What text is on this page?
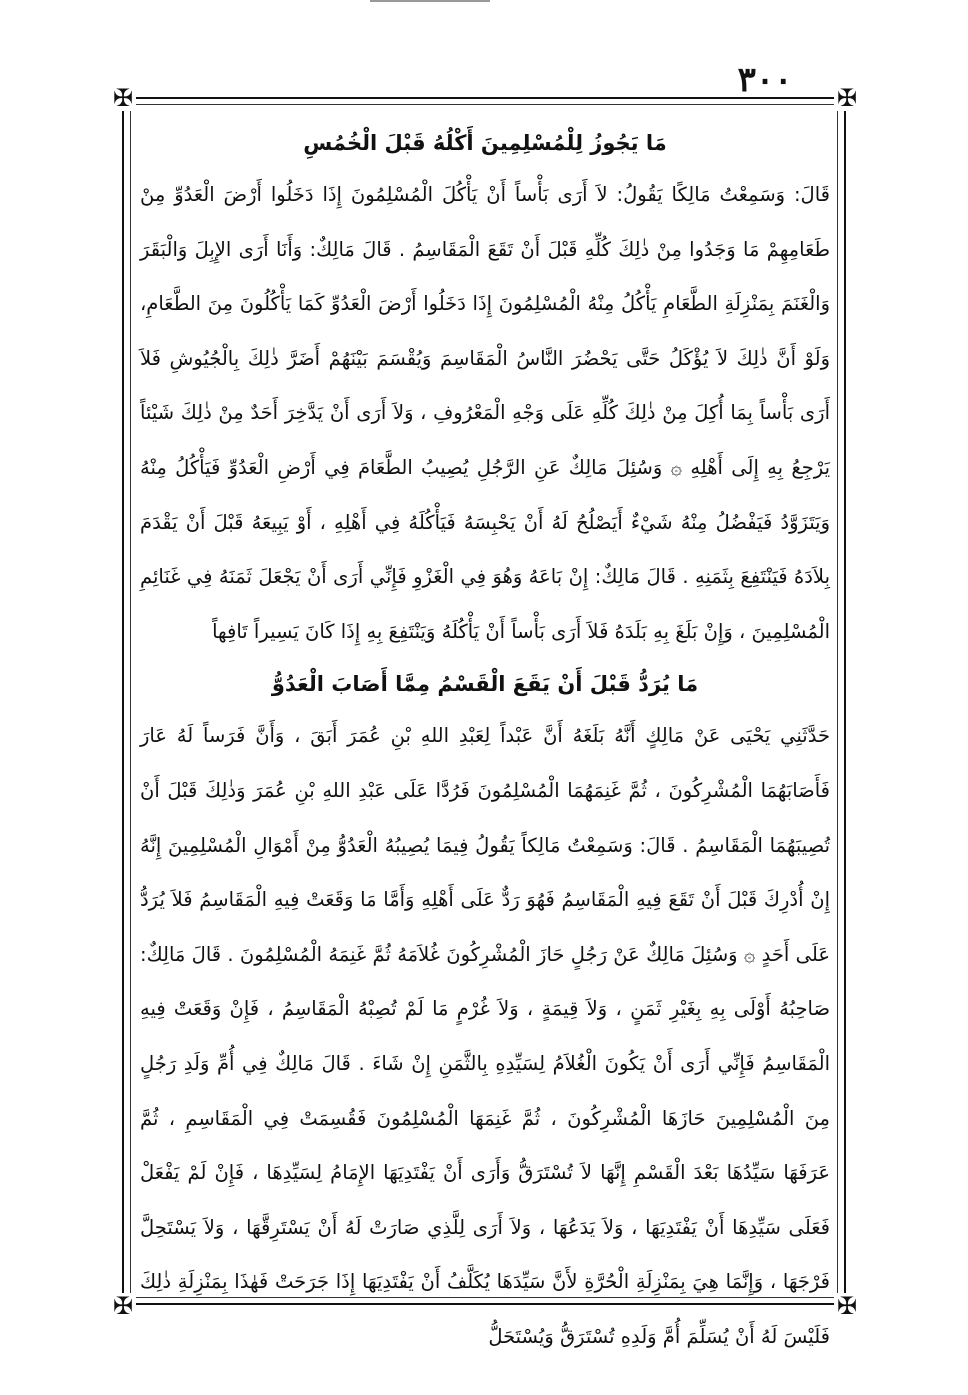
٣٠٠
✠	✠
✠	✠
مَا يَجُوزُ لِلْمُسْلِمِينَ أَكْلُهُ قَبْلَ الْخُمُسِ

قَالَ: وَسَمِعْتُ مَالِكًا يَقُولُ: لاَ أَرَى بَأْساً أَنْ يَأْكُلَ الْمُسْلِمُونَ إِذَا دَخَلُوا أَرْضَ الْعَدُوِّ مِنْ طَعَامِهِمْ مَا وَجَدُوا مِنْ ذٰلِكَ كُلِّهِ قَبْلَ أَنْ تَقَعَ الْمَقَاسِمُ . قَالَ مَالِكٌ: وَأَنَا أَرَى الإِبِلَ وَالْبَقَرَ وَالْغَنَمَ بِمَنْزِلَةِ الطَّعَامِ يَأْكُلُ مِنْهُ الْمُسْلِمُونَ إِذَا دَخَلُوا أَرْضَ الْعَدُوِّ كَمَا يَأْكُلُونَ مِنَ الطَّعَامِ، وَلَوْ أَنَّ ذٰلِكَ لاَ يُؤْكَلُ حَتَّى يَحْضُرَ النَّاسُ الْمَقَاسِمَ وَيُقْسَمَ بَيْنَهُمْ أَضَرَّ ذٰلِكَ بِالْجُيُوشِ فَلاَ أَرَى بَأْساً بِمَا أُكِلَ مِنْ ذٰلِكَ كُلِّهِ عَلَى وَجْهِ الْمَعْرُوفِ ، وَلاَ أَرَى أَنْ يَدَّخِرَ أَحَدٌ مِنْ ذٰلِكَ شَيْئاً يَرْجِعُ بِهِ إِلَى أَهْلِهِ ۞ وَسُئِلَ مَالِكٌ عَنِ الرَّجُلِ يُصِيبُ الطَّعَامَ فِي أَرْضِ الْعَدُوِّ فَيَأْكُلُ مِنْهُ وَيَتَزَوَّدُ فَيَفْضُلُ مِنْهُ شَيْءٌ أَيَصْلُحُ لَهُ أَنْ يَحْبِسَهُ فَيَأْكُلَهُ فِي أَهْلِهِ ، أَوْ يَبِيعَهُ قَبْلَ أَنْ يَقْدَمَ بِلاَدَهُ فَيَنْتَفِعَ بِثَمَنِهِ . قَالَ مَالِكٌ: إِنْ بَاعَهُ وَهُوَ فِي الْغَزْوِ فَإِنِّي أَرَى أَنْ يَجْعَلَ ثَمَنَهُ فِي غَنَائِمِ الْمُسْلِمِينَ ، وَإِنْ بَلَغَ بِهِ بَلَدَهُ فَلاَ أَرَى بَأْساً أَنْ يَأْكُلَهُ وَيَنْتَفِعَ بِهِ إِذَا كَانَ يَسِيراً تَافِهاً

مَا يُرَدُّ قَبْلَ أَنْ يَقَعَ الْقَسْمُ مِمَّا أَصَابَ الْعَدُوُّ

حَدَّثَنِي يَحْيَى عَنْ مَالِكٍ أَنَّهُ بَلَغَهُ أَنَّ عَبْداً لِعَبْدِ اللهِ بْنِ عُمَرَ أَبَقَ ، وَأَنَّ فَرَساً لَهُ عَارَ فَأَصَابَهُمَا الْمُشْرِكُونَ ، ثُمَّ غَنِمَهُمَا الْمُسْلِمُونَ فَرُدَّا عَلَى عَبْدِ اللهِ بْنِ عُمَرَ وَذٰلِكَ قَبْلَ أَنْ تُصِيبَهُمَا الْمَقَاسِمُ . قَالَ: وَسَمِعْتُ مَالِكاً يَقُولُ فِيمَا يُصِيبُهُ الْعَدُوُّ مِنْ أَمْوَالِ الْمُسْلِمِينَ إِنَّهُ إِنْ أُدْرِكَ قَبْلَ أَنْ تَقَعَ فِيهِ الْمَقَاسِمُ فَهُوَ رَدٌّ عَلَى أَهْلِهِ وَأَمَّا مَا وَقَعَتْ فِيهِ الْمَقَاسِمُ فَلاَ يُرَدُّ عَلَى أَحَدٍ ۞ وَسُئِلَ مَالِكٌ عَنْ رَجُلٍ حَازَ الْمُشْرِكُونَ غُلاَمَهُ ثُمَّ غَنِمَهُ الْمُسْلِمُونَ . قَالَ مَالِكٌ: صَاحِبُهُ أَوْلَى بِهِ بِغَيْرِ ثَمَنٍ ، وَلاَ قِيمَةٍ ، وَلاَ غُرْمٍ مَا لَمْ تُصِبْهُ الْمَقَاسِمُ ، فَإِنْ وَقَعَتْ فِيهِ الْمَقَاسِمُ فَإِنِّي أَرَى أَنْ يَكُونَ الْغُلاَمُ لِسَيِّدِهِ بِالثَّمَنِ إِنْ شَاءَ . قَالَ مَالِكٌ فِي أُمِّ وَلَدِ رَجُلٍ مِنَ الْمُسْلِمِينَ حَازَهَا الْمُشْرِكُونَ ، ثُمَّ غَنِمَهَا الْمُسْلِمُونَ فَقُسِمَتْ فِي الْمَقَاسِمِ ، ثُمَّ عَرَفَهَا سَيِّدُهَا بَعْدَ الْقَسْمِ إِنَّهَا لاَ تُسْتَرَقُّ وَأَرَى أَنْ يَفْتَدِيَهَا الإِمَامُ لِسَيِّدِهَا ، فَإِنْ لَمْ يَفْعَلْ فَعَلَى سَيِّدِهَا أَنْ يَفْتَدِيَهَا ، وَلاَ يَدَعُهَا ، وَلاَ أَرَى لِلَّذِي صَارَتْ لَهُ أَنْ يَسْتَرِقَّهَا ، وَلاَ يَسْتَحِلَّ فَرْجَهَا ، وَإِنَّمَا هِيَ بِمَنْزِلَةِ الْحُرَّةِ لأَنَّ سَيِّدَهَا يُكَلَّفُ أَنْ يَفْتَدِيَهَا إِذَا جَرَحَتْ فَهٰذَا بِمَنْزِلَةِ ذٰلِكَ فَلَيْسَ لَهُ أَنْ يُسَلِّمَ أُمَّ وَلَدِهِ تُسْتَرَقُّ وَيُسْتَحَلُّ
